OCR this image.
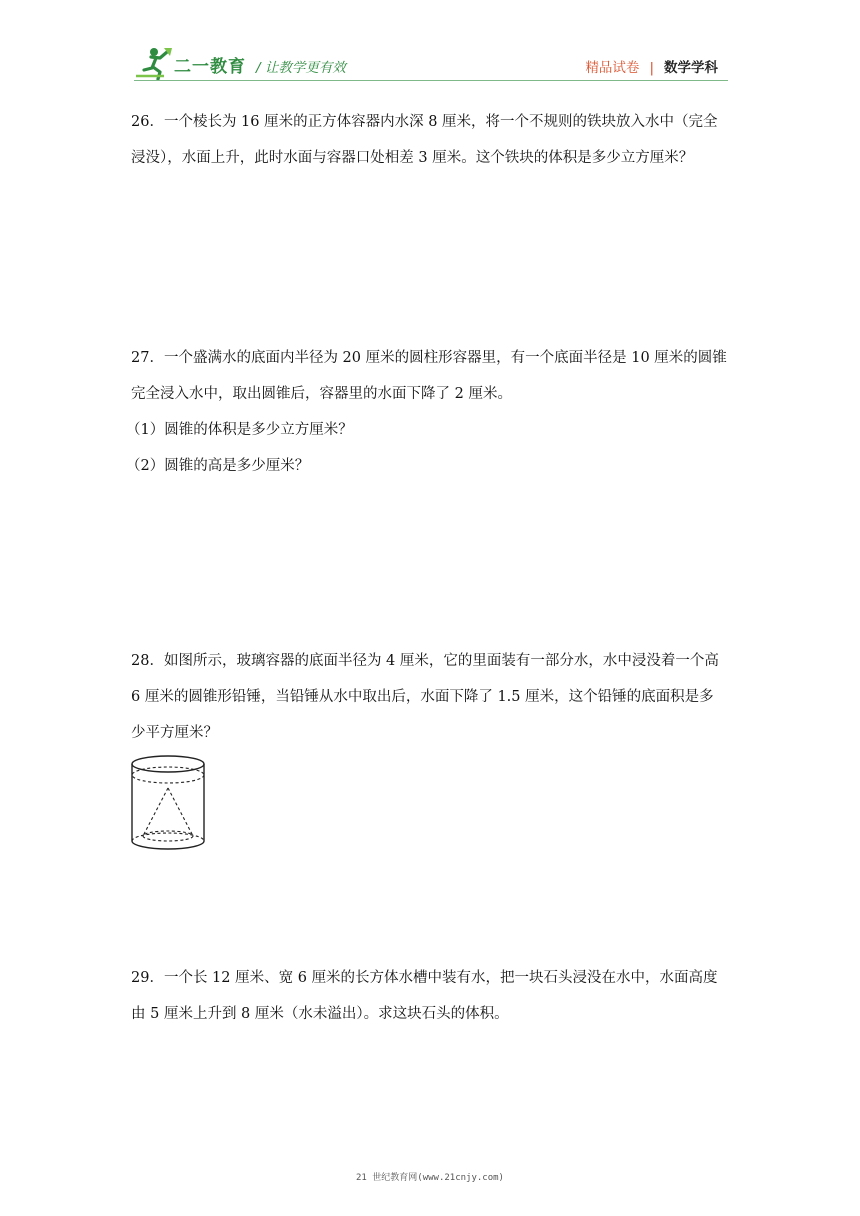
二一教育 / 让教学更有效	精品试卷 | 数学学科

26．一个棱长为 16 厘米的正方体容器内水深 8 厘米，将一个不规则的铁块放入水中（完全

浸没），水面上升，此时水面与容器口处相差 3 厘米。这个铁块的体积是多少立方厘米？

27．一个盛满水的底面内半径为 20 厘米的圆柱形容器里，有一个底面半径是 10 厘米的圆锥

完全浸入水中，取出圆锥后，容器里的水面下降了 2 厘米。

（1）圆锥的体积是多少立方厘米？

（2）圆锥的高是多少厘米？

28．如图所示，玻璃容器的底面半径为 4 厘米，它的里面装有一部分水，水中浸没着一个高

6 厘米的圆锥形铅锤，当铅锤从水中取出后，水面下降了 1.5 厘米，这个铅锤的底面积是多

少平方厘米？

29．一个长 12 厘米、宽 6 厘米的长方体水槽中装有水，把一块石头浸没在水中，水面高度

由 5 厘米上升到 8 厘米（水未溢出）。求这块石头的体积。

21 世纪教育网(www.21cnjy.com)
